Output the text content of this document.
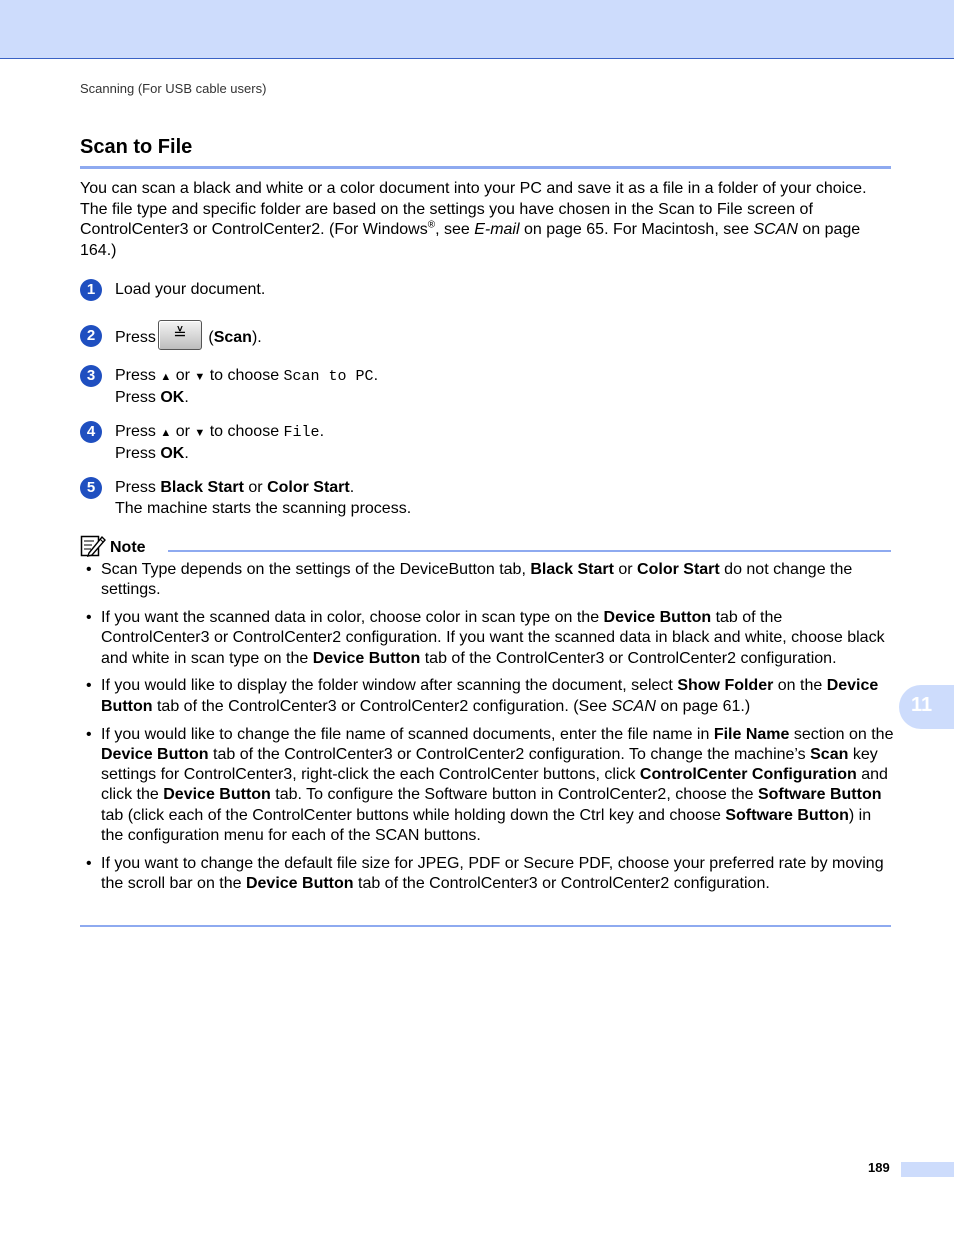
Scanning (For USB cable users)
Scan to File

You can scan a black and white or a color document into your PC and save it as a file in a folder of your choice. The file type and specific folder are based on the settings you have chosen in the Scan to File screen of ControlCenter3 or ControlCenter2. (For Windows®, see E-mail on page 65. For Macintosh, see SCAN on page 164.)

1	Load your document.
2	Press ≚ (Scan).
3	Press ▲ or ▼ to choose Scan to PC.
Press OK.
4	Press ▲ or ▼ to choose File.
Press OK.
5	Press Black Start or Color Start.
The machine starts the scanning process.
Note
• Scan Type depends on the settings of the DeviceButton tab, Black Start or Color Start do not change the settings.
• If you want the scanned data in color, choose color in scan type on the Device Button tab of the ControlCenter3 or ControlCenter2 configuration. If you want the scanned data in black and white, choose black and white in scan type on the Device Button tab of the ControlCenter3 or ControlCenter2 configuration.
• If you would like to display the folder window after scanning the document, select Show Folder on the Device Button tab of the ControlCenter3 or ControlCenter2 configuration. (See SCAN on page 61.)
• If you would like to change the file name of scanned documents, enter the file name in File Name section on the Device Button tab of the ControlCenter3 or ControlCenter2 configuration. To change the machine’s Scan key settings for ControlCenter3, right-click the each ControlCenter buttons, click ControlCenter Configuration and click the Device Button tab. To configure the Software button in ControlCenter2, choose the Software Button tab (click each of the ControlCenter buttons while holding down the Ctrl key and choose Software Button) in the configuration menu for each of the SCAN buttons.
• If you want to change the default file size for JPEG, PDF or Secure PDF, choose your preferred rate by moving the scroll bar on the Device Button tab of the ControlCenter3 or ControlCenter2 configuration.
11
189
